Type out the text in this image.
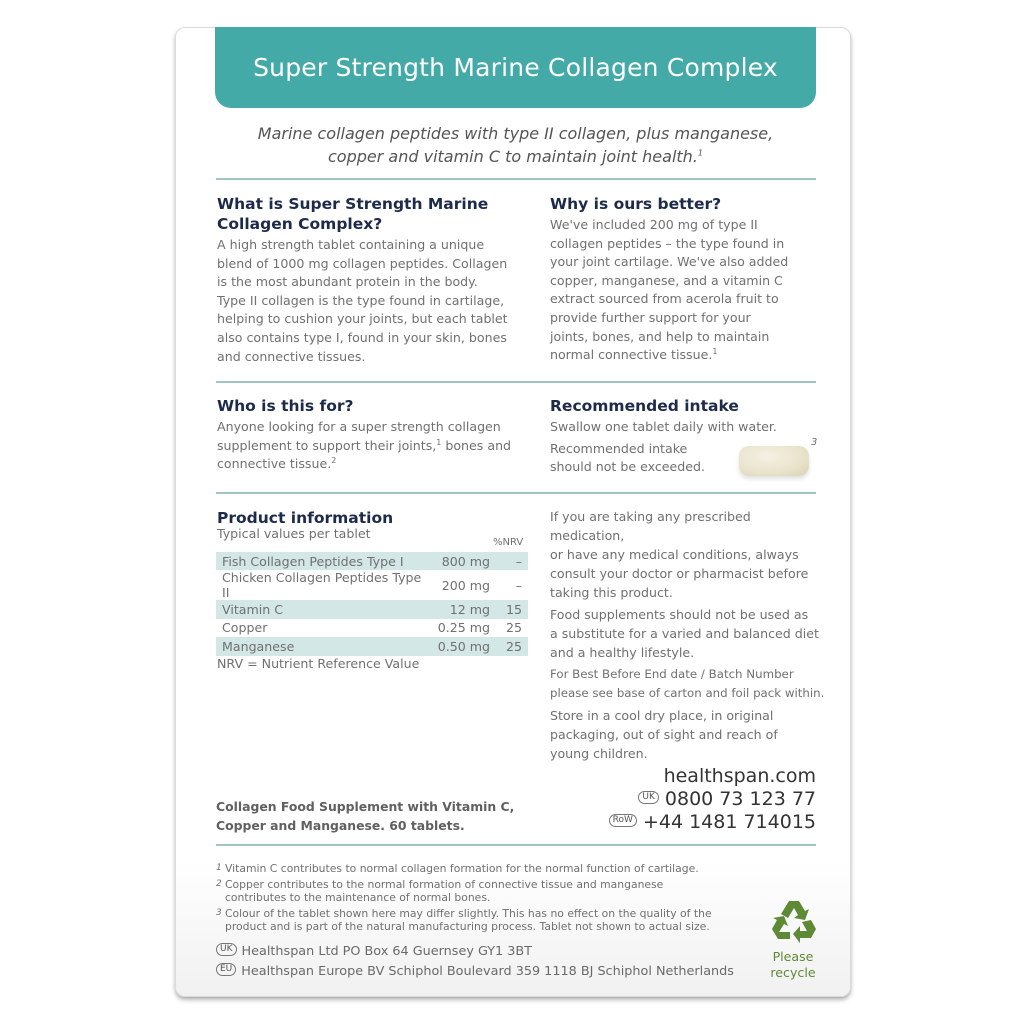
Super Strength Marine Collagen Complex
Marine collagen peptides with type II collagen, plus manganese,
copper and vitamin C to maintain joint health.$^1$
What is Super Strength Marine
Collagen Complex?
A high strength tablet containing a unique
blend of 1000 mg collagen peptides. Collagen
is the most abundant protein in the body.
Type II collagen is the type found in cartilage,
helping to cushion your joints, but each tablet
also contains type I, found in your skin, bones
and connective tissues.
Why is ours better?
We've included 200 mg of type II
collagen peptides – the type found in
your joint cartilage. We've also added
copper, manganese, and a vitamin C
extract sourced from acerola fruit to
provide further support for your
joints, bones, and help to maintain
normal connective tissue.$^1$
Who is this for?
Anyone looking for a super strength collagen
supplement to support their joints,$^1$ bones and
connective tissue.$^2$
Recommended intake
Swallow one tablet daily with water.
Recommended intake
should not be exceeded.
3
Product information
Typical values per tablet
%NRV
Fish Collagen Peptides Type I	800 mg	–
Chicken Collagen Peptides Type II	200 mg	–
Vitamin C	12 mg	15
Copper	0.25 mg	25
Manganese	0.50 mg	25
NRV = Nutrient Reference Value
If you are taking any prescribed medication,
or have any medical conditions, always
consult your doctor or pharmacist before
taking this product.
Food supplements should not be used as
a substitute for a varied and balanced diet
and a healthy lifestyle.
For Best Before End date / Batch Number
please see base of carton and foil pack within.
Store in a cool dry place, in original
packaging, out of sight and reach of
young children.
Collagen Food Supplement with Vitamin C,
Copper and Manganese. 60 tablets.
healthspan.com
UK 0800 73 123 77
RoW +44 1481 714015
1 Vitamin C contributes to normal collagen formation for the normal function of cartilage.
2 Copper contributes to the normal formation of connective tissue and manganese
contributes to the maintenance of normal bones.
3 Colour of the tablet shown here may differ slightly. This has no effect on the quality of the
product and is part of the natural manufacturing process. Tablet not shown to actual size.
UK Healthspan Ltd PO Box 64 Guernsey GY1 3BT
EU Healthspan Europe BV Schiphol Boulevard 359 1118 BJ Schiphol Netherlands
Please
recycle
